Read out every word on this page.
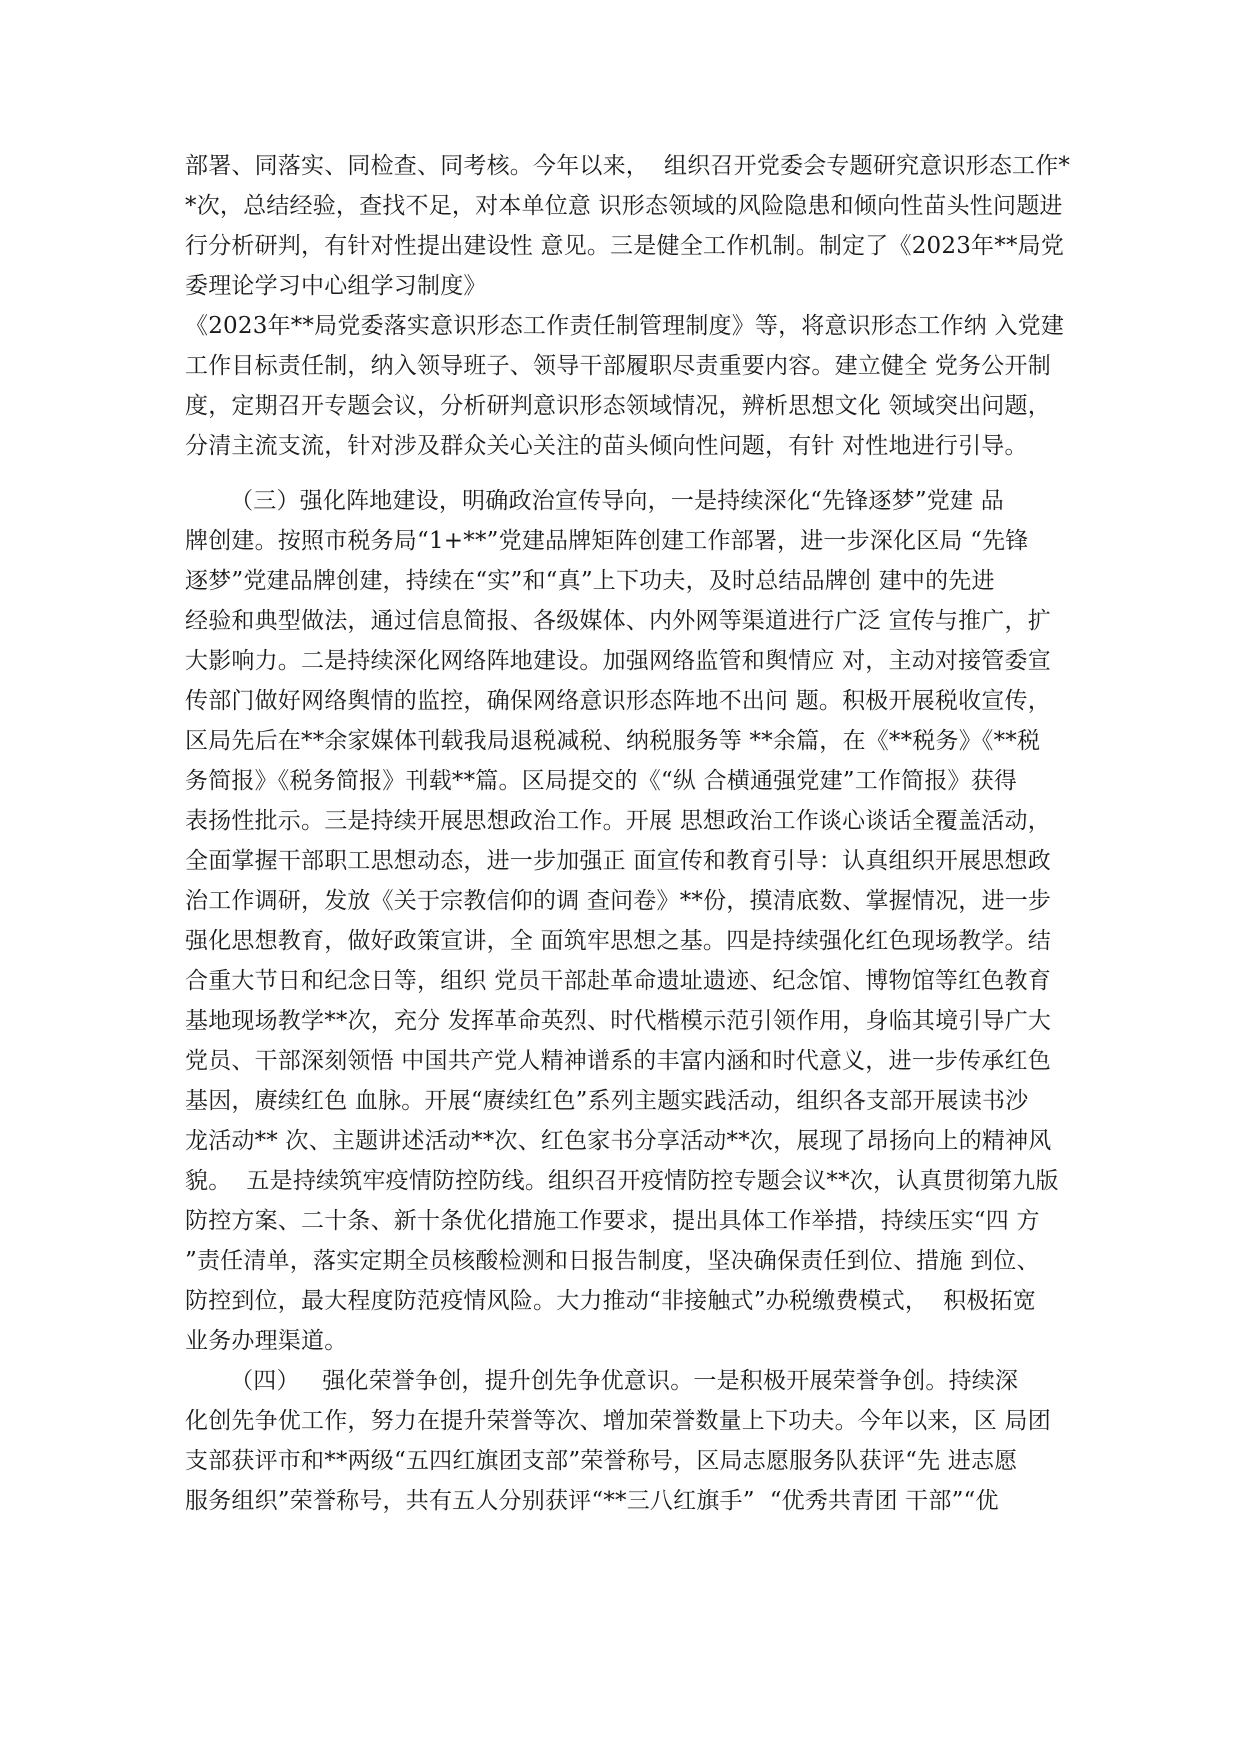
部署、同落实、同检查、同考核。今年以来，  组织召开党委会专题研究意识形态工作*
*次，总结经验，查找不足，对本单位意 识形态领域的风险隐患和倾向性苗头性问题进
行分析研判，有针对性提出建设性 意见。三是健全工作机制。制定了《2023年**局党
委理论学习中心组学习制度》
《2023年**局党委落实意识形态工作责任制管理制度》等，将意识形态工作纳 入党建
工作目标责任制，纳入领导班子、领导干部履职尽责重要内容。建立健全 党务公开制
度，定期召开专题会议，分析研判意识形态领域情况，辨析思想文化 领域突出问题，
分清主流支流，针对涉及群众关心关注的苗头倾向性问题，有针 对性地进行引导。
（三）强化阵地建设，明确政治宣传导向，一是持续深化“先锋逐梦”党建 品
牌创建。按照市税务局“1+**”党建品牌矩阵创建工作部署，进一步深化区局 “先锋
逐梦”党建品牌创建，持续在“实”和“真”上下功夫，及时总结品牌创 建中的先进
经验和典型做法，通过信息简报、各级媒体、内外网等渠道进行广泛 宣传与推广，扩
大影响力。二是持续深化网络阵地建设。加强网络监管和舆情应 对，主动对接管委宣
传部门做好网络舆情的监控，确保网络意识形态阵地不出问 题。积极开展税收宣传，
区局先后在**余家媒体刊载我局退税减税、纳税服务等 **余篇，在《**税务》《**税
务简报》《税务简报》刊载**篇。区局提交的《“纵 合横通强党建”工作简报》获得
表扬性批示。三是持续开展思想政治工作。开展 思想政治工作谈心谈话全覆盖活动，
全面掌握干部职工思想动态，进一步加强正 面宣传和教育引导：认真组织开展思想政
治工作调研，发放《关于宗教信仰的调 查问卷》**份，摸清底数、掌握情况，进一步
强化思想教育，做好政策宣讲，全 面筑牢思想之基。四是持续强化红色现场教学。结
合重大节日和纪念日等，组织 党员干部赴革命遗址遗迹、纪念馆、博物馆等红色教育
基地现场教学**次，充分 发挥革命英烈、时代楷模示范引领作用，身临其境引导广大
党员、干部深刻领悟 中国共产党人精神谱系的丰富内涵和时代意义，进一步传承红色
基因，赓续红色 血脉。开展“赓续红色”系列主题实践活动，组织各支部开展读书沙
龙活动** 次、主题讲述活动**次、红色家书分享活动**次，展现了昂扬向上的精神风
貌。  五是持续筑牢疫情防控防线。组织召开疫情防控专题会议**次，认真贯彻第九版
防控方案、二十条、新十条优化措施工作要求，提出具体工作举措，持续压实“四 方
”责任清单，落实定期全员核酸检测和日报告制度，坚决确保责任到位、措施 到位、
防控到位，最大程度防范疫情风险。大力推动“非接触式”办税缴费模式，  积极拓宽
业务办理渠道。
（四）   强化荣誉争创，提升创先争优意识。一是积极开展荣誉争创。持续深
化创先争优工作，努力在提升荣誉等次、增加荣誉数量上下功夫。今年以来，区 局团
支部获评市和**两级“五四红旗团支部”荣誉称号，区局志愿服务队获评“先 进志愿
服务组织”荣誉称号，共有五人分别获评“**三八红旗手”  “优秀共青团 干部”“优
